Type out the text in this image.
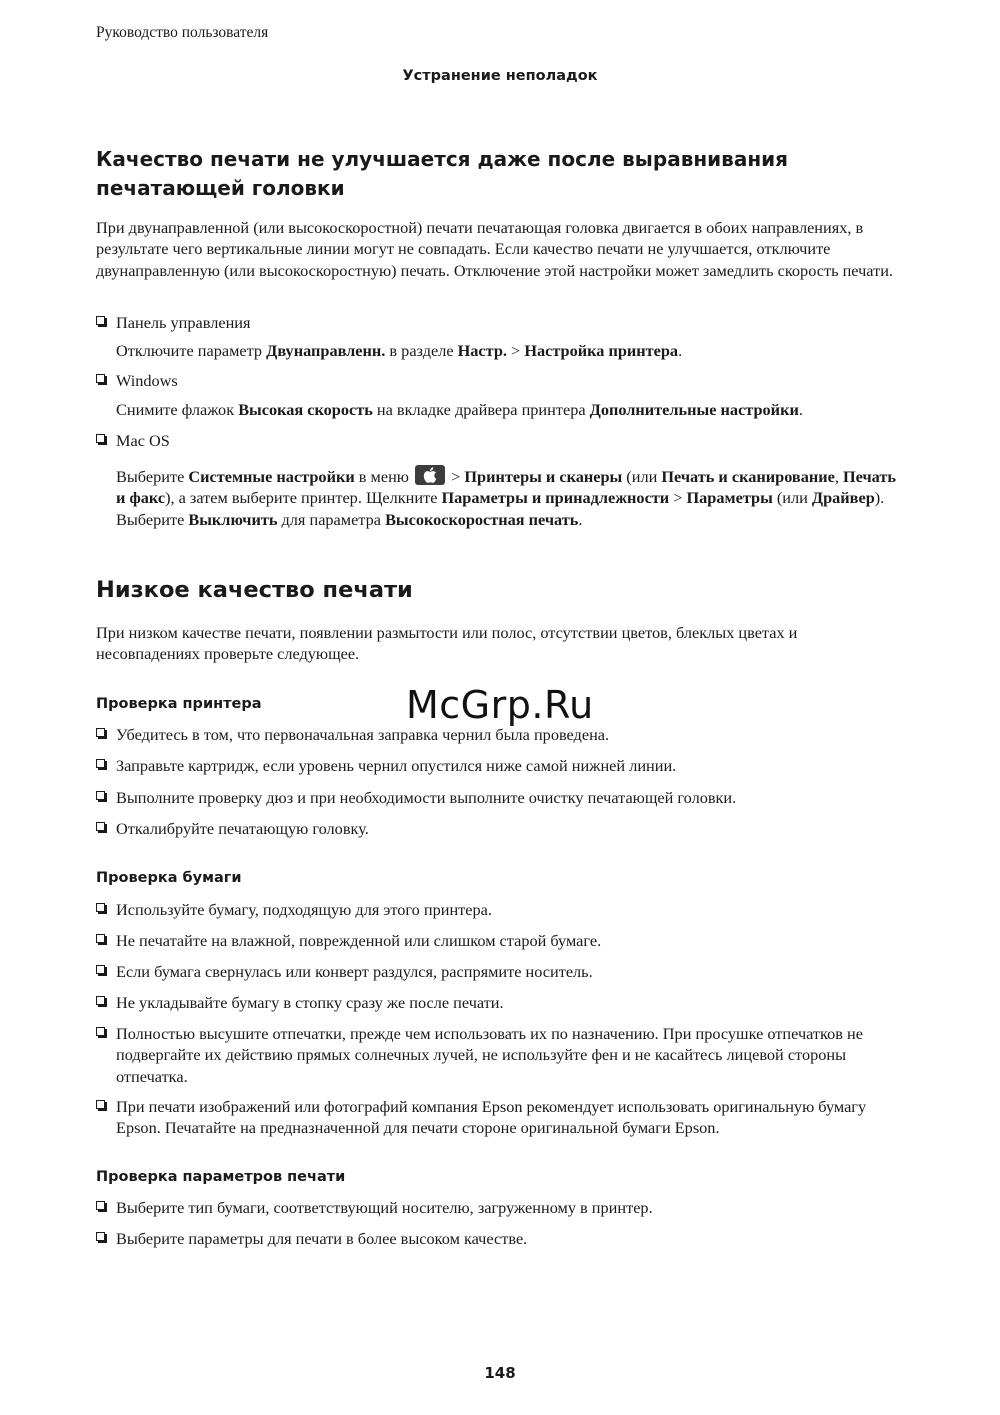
Руководство пользователя
Устранение неполадок
Качество печати не улучшается даже после выравнивания печатающей головки

При двунаправленной (или высокоскоростной) печати печатающая головка двигается в обоих направлениях, в результате чего вертикальные линии могут не совпадать. Если качество печати не улучшается, отключите двунаправленную (или высокоскоростную) печать. Отключение этой настройки может замедлить скорость печати.

Панель управления

Отключите параметр Двунаправленн. в разделе Настр. > Настройка принтера.

Windows

Снимите флажок Высокая скорость на вкладке драйвера принтера Дополнительные настройки.

Mac OS

Выберите Системные настройки в меню
> Принтеры и сканеры (или Печать и сканирование, Печать и факс), а затем выберите принтер. Щелкните Параметры и принадлежности > Параметры (или Драйвер). Выберите Выключить для параметра Высокоскоростная печать.

Низкое качество печати

При низком качестве печати, появлении размытости или полос, отсутствии цветов, блеклых цветах и несовпадениях проверьте следующее.

Проверка принтера
Убедитесь в том, что первоначальная заправка чернил была проведена.
Заправьте картридж, если уровень чернил опустился ниже самой нижней линии.
Выполните проверку дюз и при необходимости выполните очистку печатающей головки.
Откалибруйте печатающую головку.
Проверка бумаги
Используйте бумагу, подходящую для этого принтера.
Не печатайте на влажной, поврежденной или слишком старой бумаге.
Если бумага свернулась или конверт раздулся, распрямите носитель.
Не укладывайте бумагу в стопку сразу же после печати.
Полностью высушите отпечатки, прежде чем использовать их по назначению. При просушке отпечатков не подвергайте их действию прямых солнечных лучей, не используйте фен и не касайтесь лицевой стороны отпечатка.
При печати изображений или фотографий компания Epson рекомендует использовать оригинальную бумагу Epson. Печатайте на предназначенной для печати стороне оригинальной бумаги Epson.
Проверка параметров печати
Выберите тип бумаги, соответствующий носителю, загруженному в принтер.
Выберите параметры для печати в более высоком качестве.
McGrp.Ru
148
